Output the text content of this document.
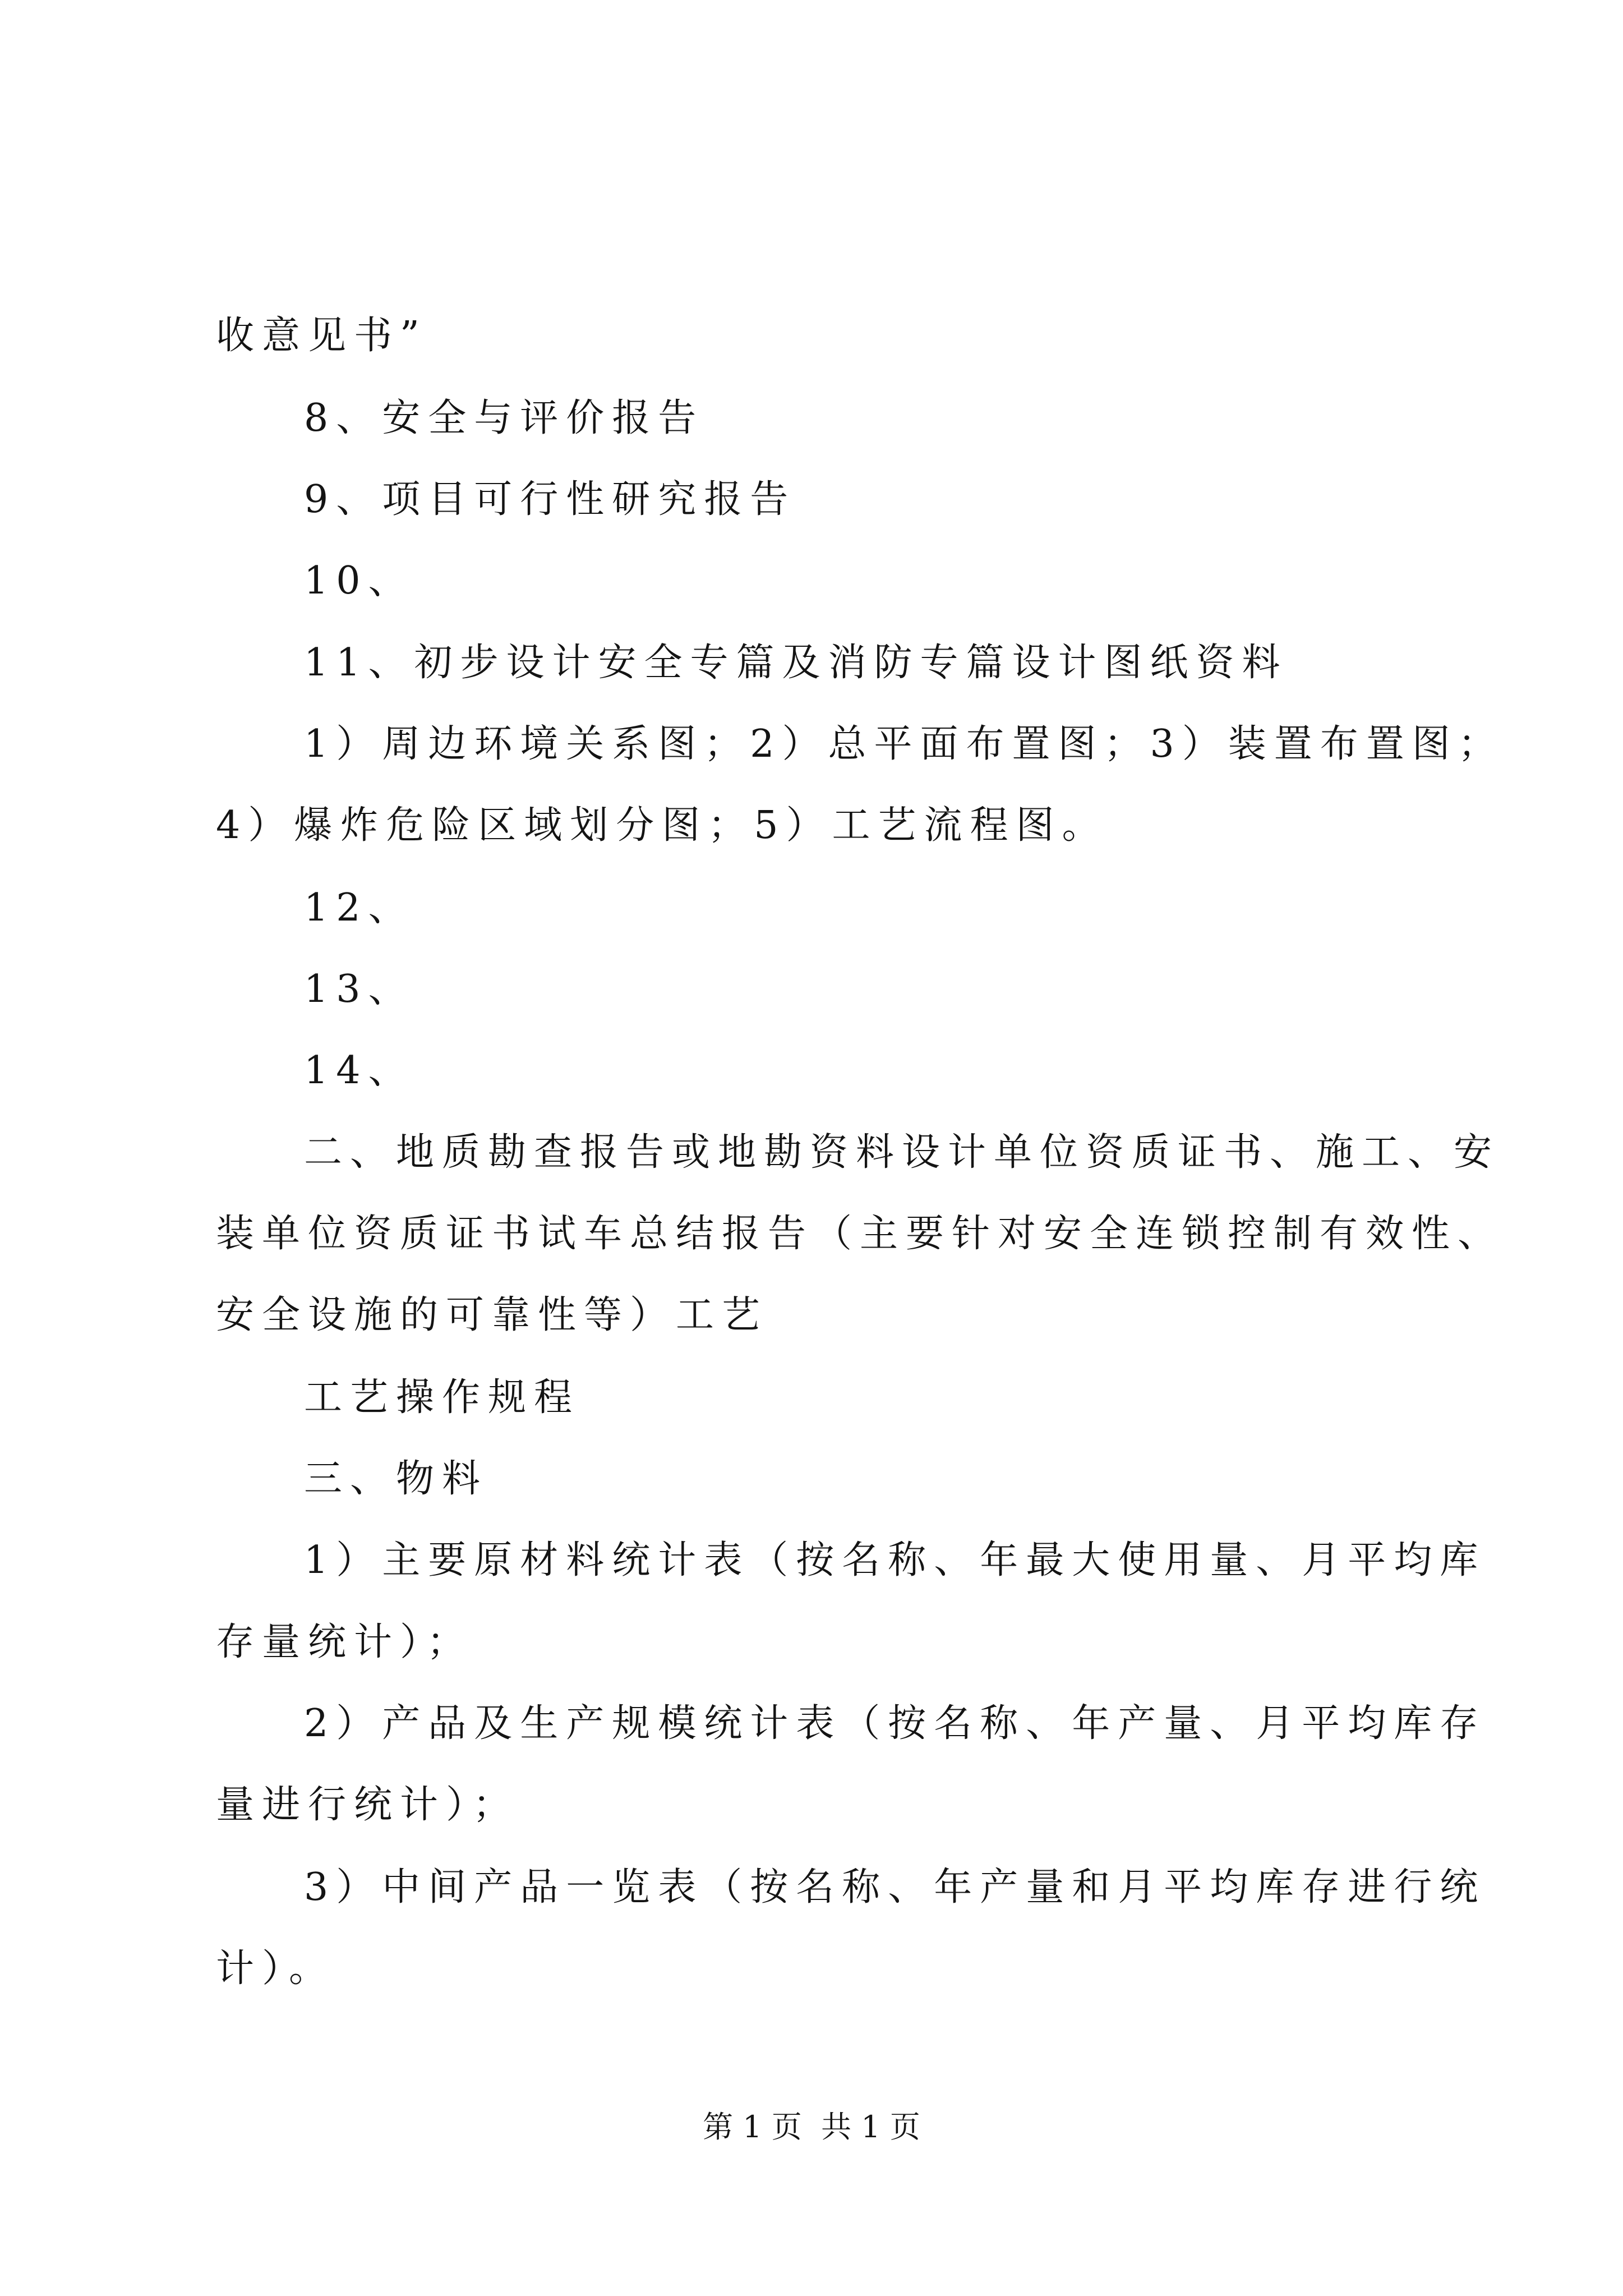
收意见书”
8、安全与评价报告
9、项目可行性研究报告
10、
11、初步设计安全专篇及消防专篇设计图纸资料
1）周边环境关系图；2）总平面布置图；3）装置布置图；
4）爆炸危险区域划分图；5）工艺流程图。
12、
13、
14、
二、地质勘查报告或地勘资料设计单位资质证书、施工、安
装单位资质证书试车总结报告（主要针对安全连锁控制有效性、
安全设施的可靠性等）工艺
工艺操作规程
三、物料
1）主要原材料统计表（按名称、年最大使用量、月平均库
存量统计）；
2）产品及生产规模统计表（按名称、年产量、月平均库存
量进行统计）；
3）中间产品一览表（按名称、年产量和月平均库存进行统
计）。
第 1 页  共 1 页
